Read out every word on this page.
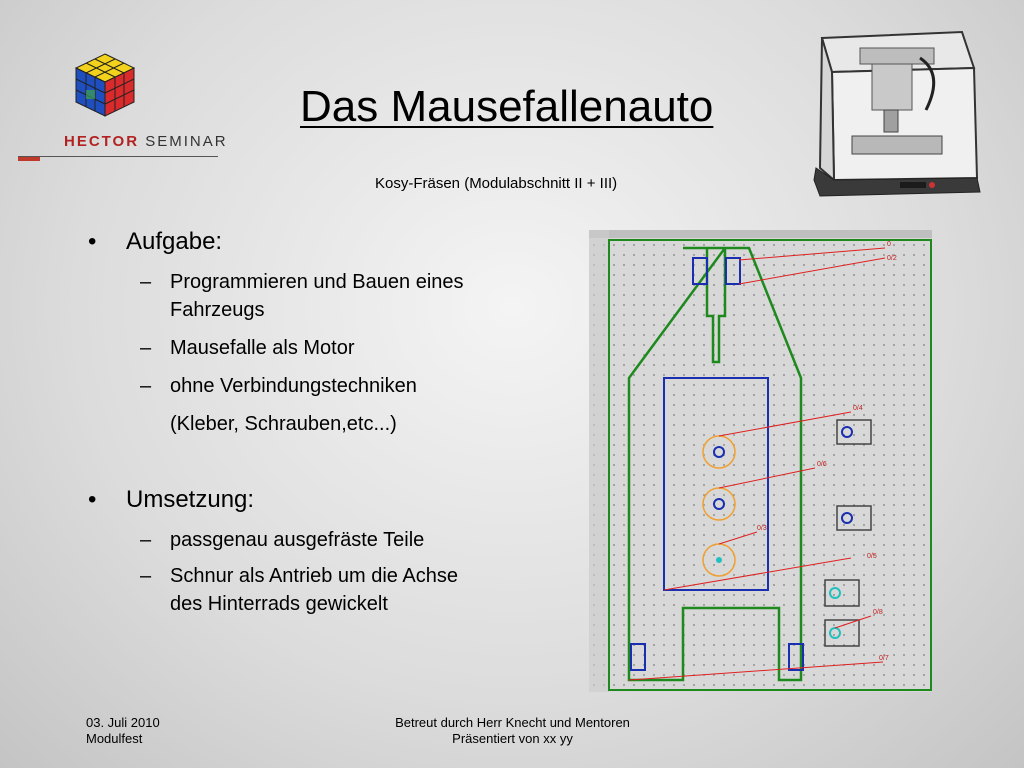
HECTOR SEMINAR
Das Mausefallenauto
Kosy-Fräsen (Modulabschnitt II + III)

• Aufgabe:

– Programmieren und Bauen eines
Fahrzeugs

– Mausefalle als Motor

– ohne Verbindungstechniken

(Kleber, Schrauben,etc...)

• Umsetzung:

– passgenau ausgefräste Teile

– Schnur als Antrieb um die Achse
des Hinterrads gewickelt

0
0/2
0/4
0/6
0/3
0/5
0/8
0/7
03. Juli 2010
Modulfest
Betreut durch Herr Knecht und Mentoren
Präsentiert von xx yy
